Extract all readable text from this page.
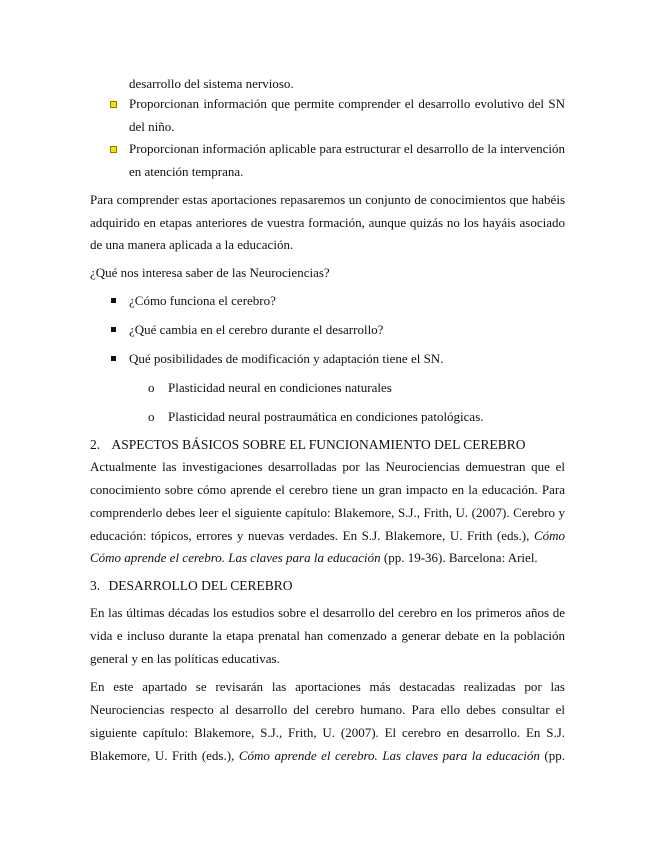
desarrollo del sistema nervioso.
Proporcionan información que permite comprender el desarrollo evolutivo del SN
del niño.
Proporcionan información aplicable para estructurar el desarrollo de la intervención
en atención temprana.
Para comprender estas aportaciones repasaremos un conjunto de conocimientos que habéis
adquirido en etapas anteriores de vuestra formación, aunque quizás no los hayáis asociado
de una manera aplicada a la educación.
¿Qué nos interesa saber de las Neurociencias?
¿Cómo funciona el cerebro?
¿Qué cambia en el cerebro durante el desarrollo?
Qué posibilidades de modificación y adaptación tiene el SN.
o Plasticidad neural en condiciones naturales
o Plasticidad neural postraumática en condiciones patológicas.
2. ASPECTOS BÁSICOS SOBRE EL FUNCIONAMIENTO DEL CEREBRO
Actualmente las investigaciones desarrolladas por las Neurociencias demuestran que el
conocimiento sobre cómo aprende el cerebro tiene un gran impacto en la educación. Para
comprenderlo debes leer el siguiente capítulo: Blakemore, S.J., Frith, U. (2007). Cerebro y
educación: tópicos, errores y nuevas verdades. En S.J. Blakemore, U. Frith (eds.), Cómo
Cómo aprende el cerebro. Las claves para la educación (pp. 19-36). Barcelona: Ariel.
3. DESARROLLO DEL CEREBRO
En las últimas décadas los estudios sobre el desarrollo del cerebro en los primeros años de
vida e incluso durante la etapa prenatal han comenzado a generar debate en la población
general y en las políticas educativas.
En este apartado se revisarán las aportaciones más destacadas realizadas por las
Neurociencias respecto al desarrollo del cerebro humano. Para ello debes consultar el
siguiente capítulo: Blakemore, S.J., Frith, U. (2007). El cerebro en desarrollo. En S.J.
Blakemore, U. Frith (eds.), Cómo aprende el cerebro. Las claves para la educación (pp.
